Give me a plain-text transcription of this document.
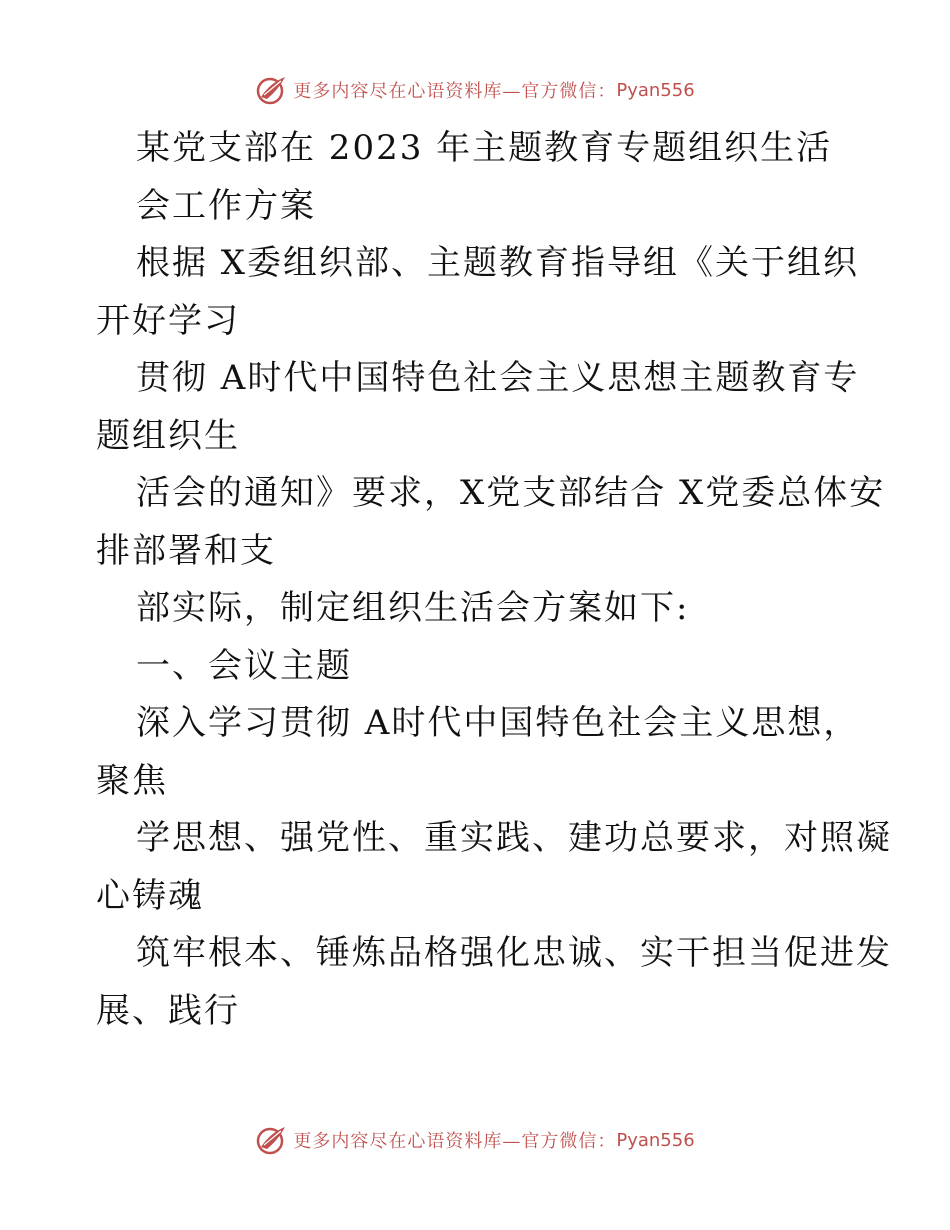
更多内容尽在心语资料库—官方微信： Pyan556
某党支部在 2023 年主题教育专题组织生活
会工作方案
根据 X委组织部、主题教育指导组《关于组织
开好学习
贯彻 A时代中国特色社会主义思想主题教育专
题组织生
活会的通知》要求，X党支部结合 X党委总体安
排部署和支
部实际，制定组织生活会方案如下:
一、会议主题
深入学习贯彻 A时代中国特色社会主义思想，
聚焦
学思想、强党性、重实践、建功总要求，对照凝
心铸魂
筑牢根本、锤炼品格强化忠诚、实干担当促进发
展、践行
更多内容尽在心语资料库—官方微信： Pyan556
